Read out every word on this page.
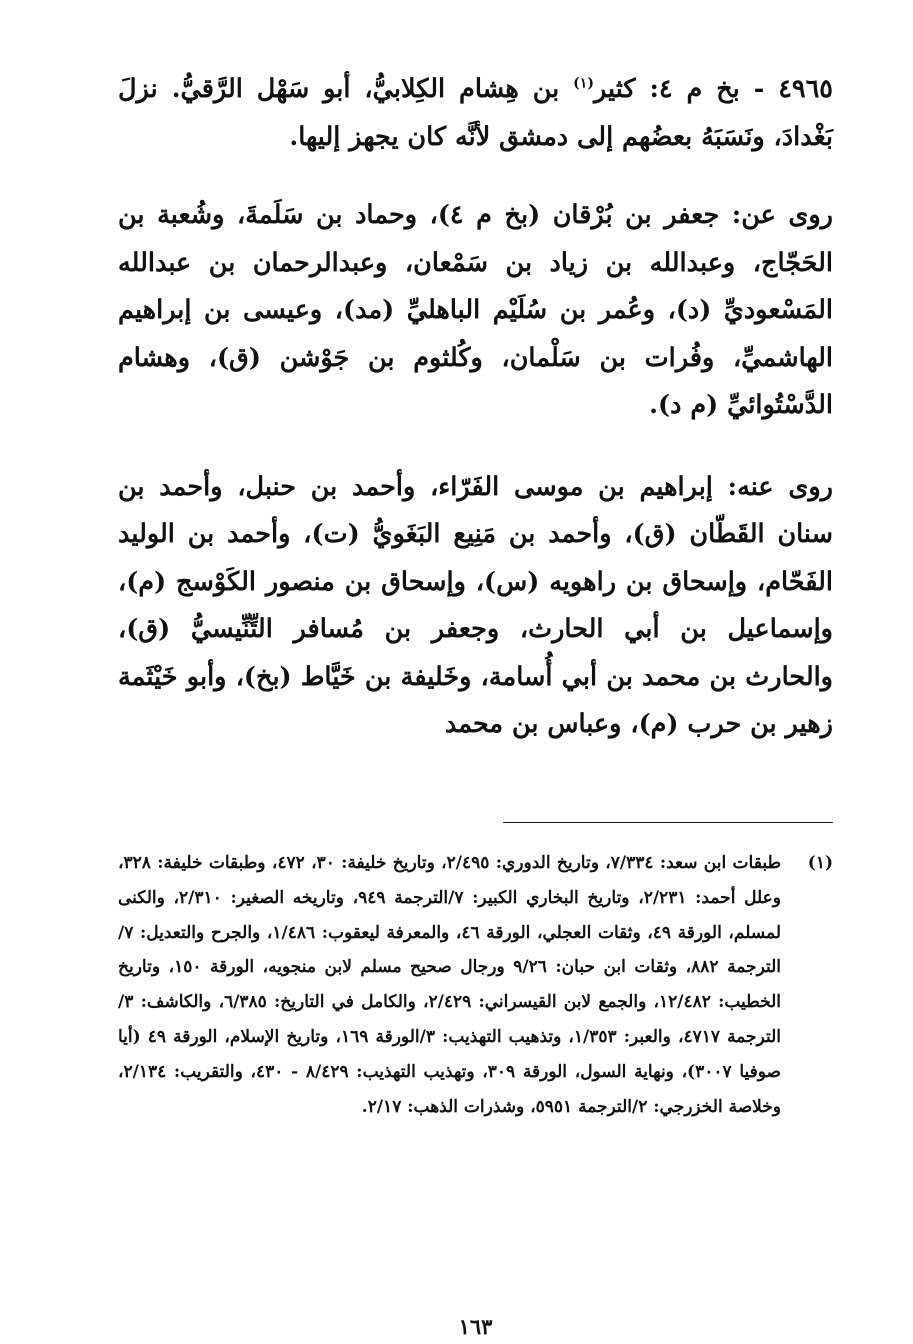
٤٩٦٥ - بخ م ٤: كثير$^{(١)}$ بن هِشام الكِلابيُّ، أبو سَهْل الرَّقيُّ. نزلَ بَغْدادَ، ونَسَبَهُ بعضُهم إلى دمشق لأنَّه كان يجهز إليها.

روى عن: جعفر بن بُرْقان (بخ م ٤)، وحماد بن سَلَمةَ، وشُعبة بن الحَجّاج، وعبدالله بن زياد بن سَمْعان، وعبدالرحمان بن عبدالله المَسْعوديِّ (د)، وعُمر بن سُلَيْم الباهليِّ (مد)، وعيسى بن إبراهيم الهاشميِّ، وفُرات بن سَلْمان، وكُلثوم بن جَوْشن (ق)، وهشام الدَّسْتُوائيِّ (م د).

روى عنه: إبراهيم بن موسى الفَرّاء، وأحمد بن حنبل، وأحمد بن سنان القَطّان (ق)، وأحمد بن مَنِيع البَغَويُّ (ت)، وأحمد بن الوليد الفَحّام، وإسحاق بن راهويه (س)، وإسحاق بن منصور الكَوْسج (م)، وإسماعيل بن أبي الحارث، وجعفر بن مُسافر التِّنِّيسيُّ (ق)، والحارث بن محمد بن أبي أُسامة، وخَليفة بن خَيَّاط (بخ)، وأبو خَيْثَمة زهير بن حرب (م)، وعباس بن محمد

(١)
طبقات ابن سعد: ٧/٣٣٤، وتاريخ الدوري: ٢/٤٩٥، وتاريخ خليفة: ٣٠، ٤٧٢، وطبقات خليفة: ٣٢٨، وعلل أحمد: ٢/٢٣١، وتاريخ البخاري الكبير: ٧/الترجمة ٩٤٩، وتاريخه الصغير: ٢/٣١٠، والكنى لمسلم، الورقة ٤٩، وثقات العجلي، الورقة ٤٦، والمعرفة ليعقوب: ١/٤٨٦، والجرح والتعديل: ٧/الترجمة ٨٨٢، وثقات ابن حبان: ٩/٢٦ ورجال صحيح مسلم لابن منجويه، الورقة ١٥٠، وتاريخ الخطيب: ١٢/٤٨٢، والجمع لابن القيسراني: ٢/٤٢٩، والكامل في التاريخ: ٦/٣٨٥، والكاشف: ٣/الترجمة ٤٧١٧، والعبر: ١/٣٥٣، وتذهيب التهذيب: ٣/الورقة ١٦٩، وتاريخ الإسلام، الورقة ٤٩ (أيا صوفيا ٣٠٠٧)، ونهاية السول، الورقة ٣٠٩، وتهذيب التهذيب: ٨/٤٢٩ - ٤٣٠، والتقريب: ٢/١٣٤، وخلاصة الخزرجي: ٢/الترجمة ٥٩٥١، وشذرات الذهب: ٢/١٧.
١٦٣
